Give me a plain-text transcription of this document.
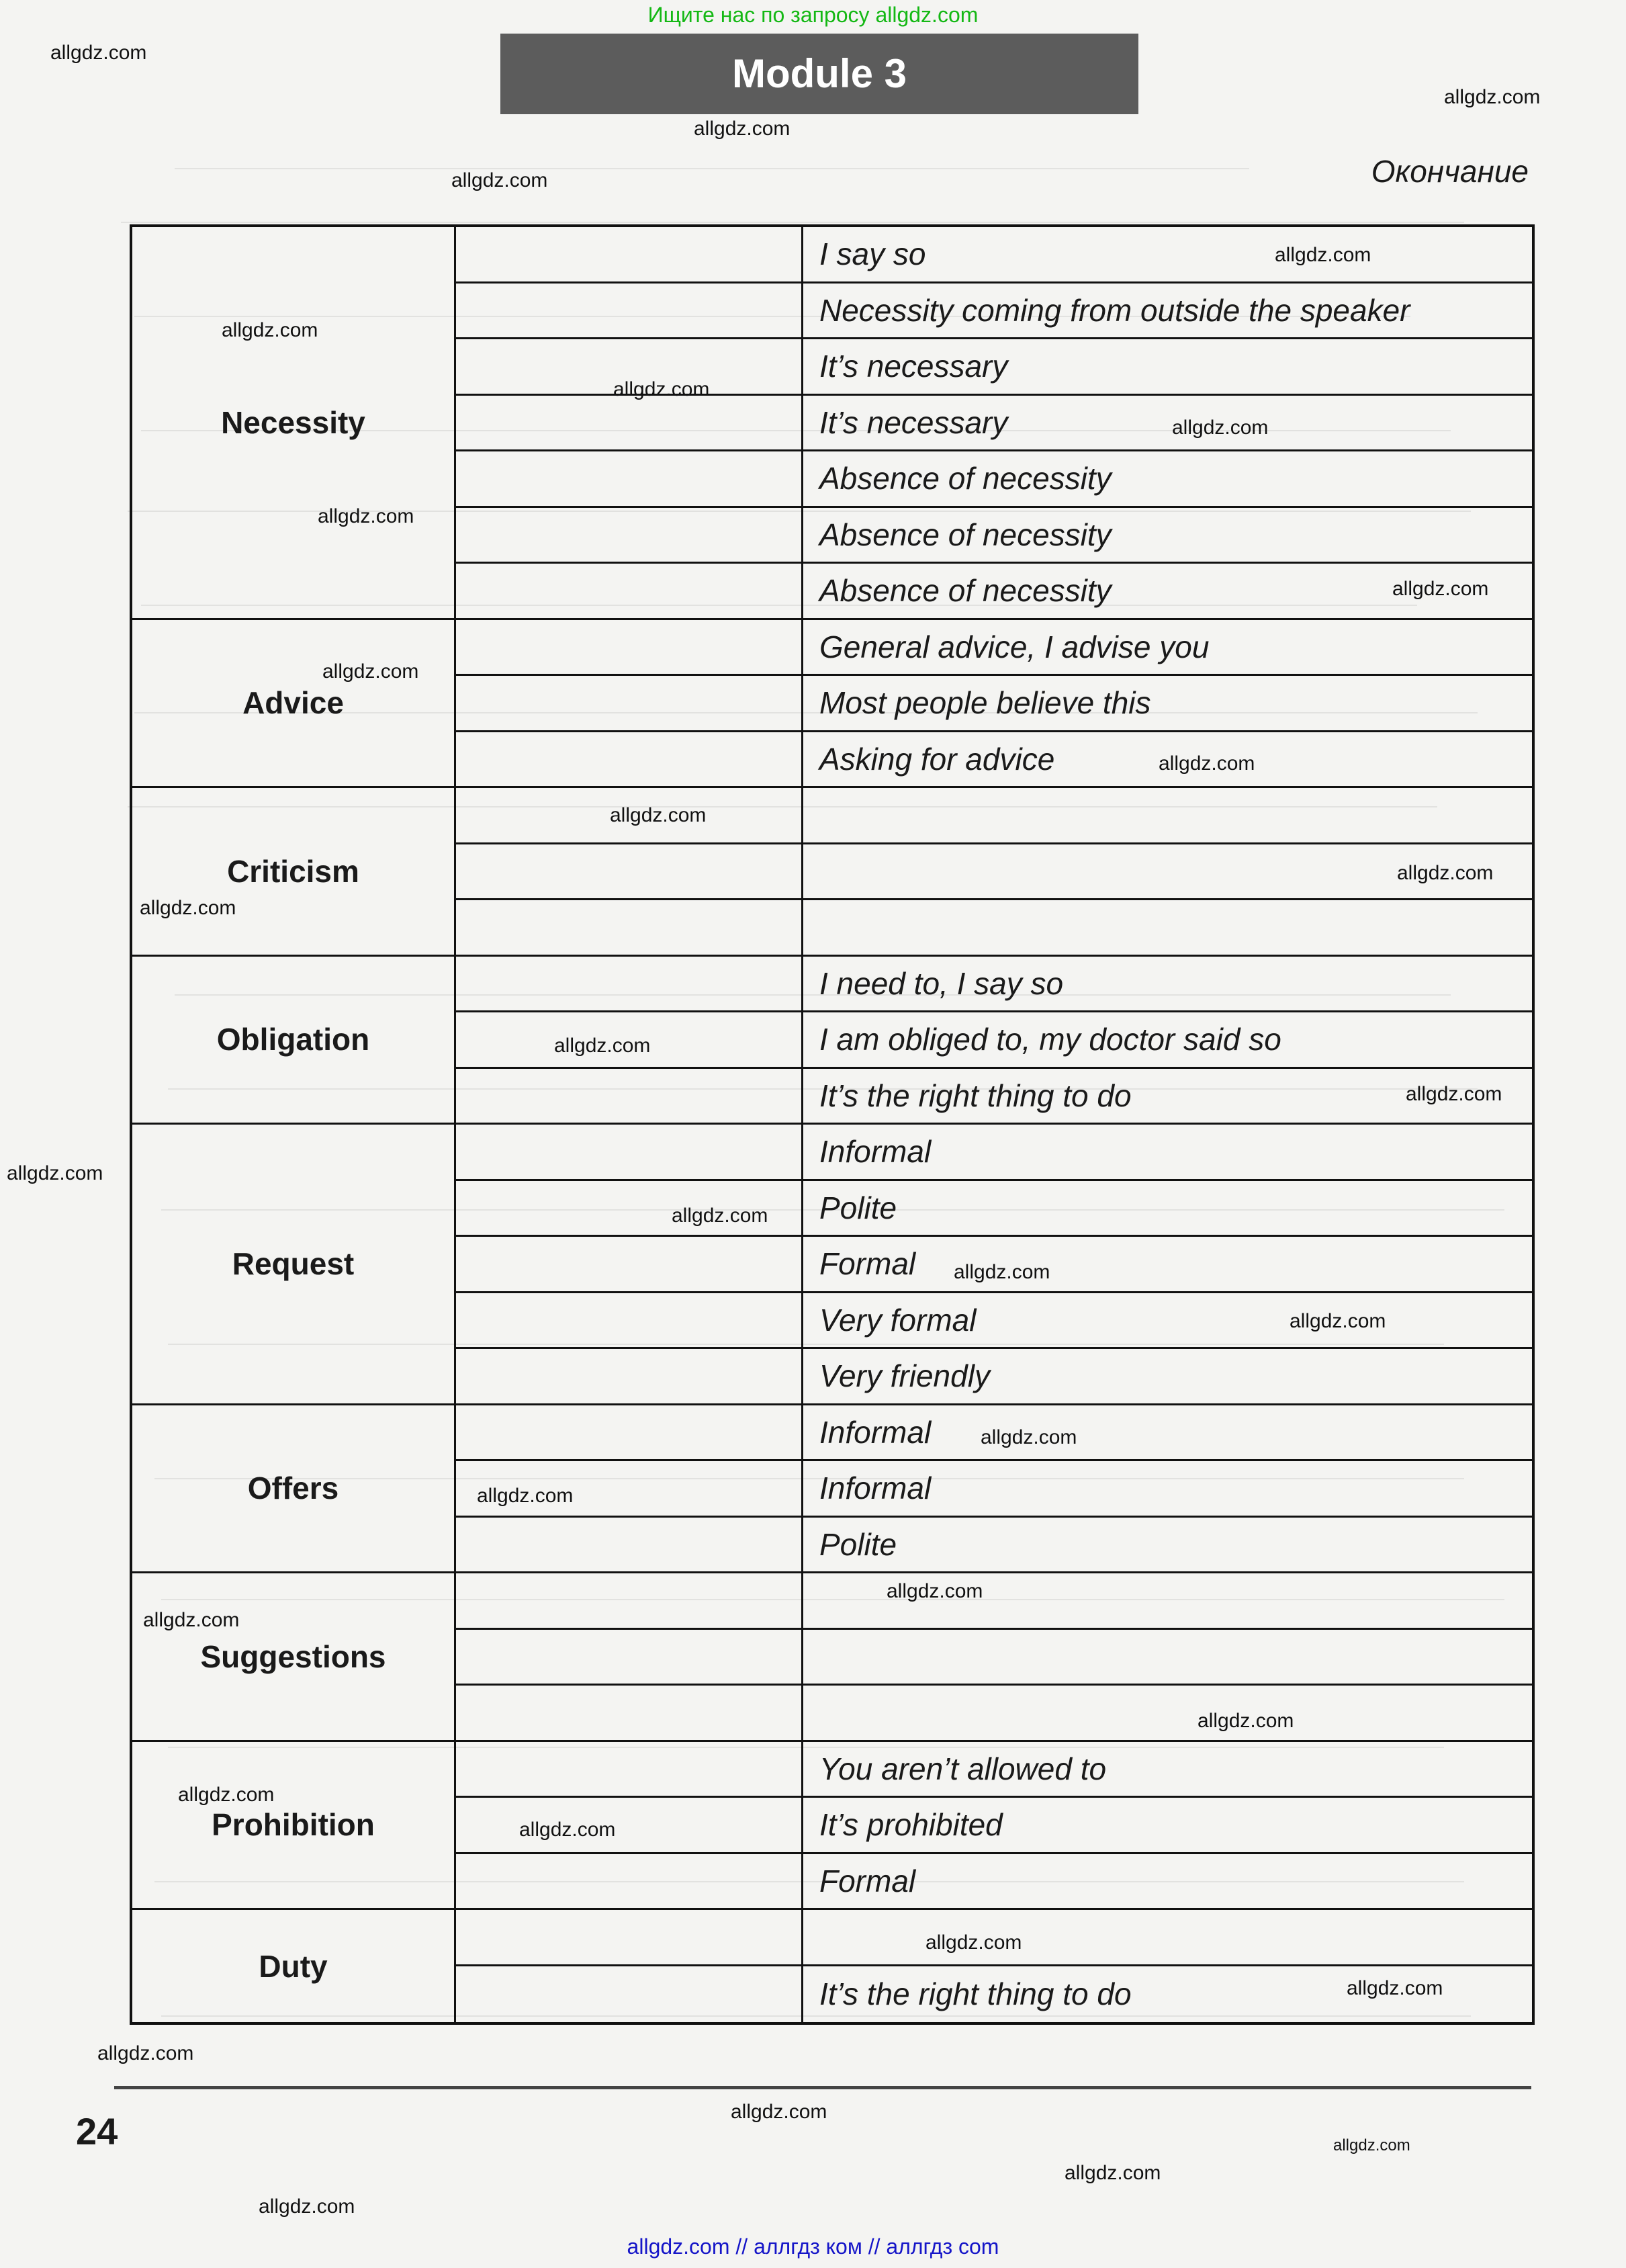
Ищите нас по запросу allgdz.com
Module 3
Окончание
Necessity
I say so
Necessity coming from outside the speaker
It’s necessary
It’s necessary
Absence of necessity
Absence of necessity
Absence of necessity
Advice
General advice, I advise you
Most people believe this
Asking for advice
Criticism
Obligation
I need to, I say so
I am obliged to, my doctor said so
It’s the right thing to do
Request
Informal
Polite
Formal
Very formal
Very friendly
Offers
Informal
Informal
Polite
Suggestions
Prohibition
You aren’t allowed to
It’s prohibited
Formal
Duty
It’s the right thing to do
24
allgdz.com
allgdz.com
allgdz.com
allgdz.com
allgdz.com
allgdz.com
allgdz.com
allgdz.com
allgdz.com
allgdz.com
allgdz.com
allgdz.com
allgdz.com
allgdz.com
allgdz.com
allgdz.com
allgdz.com
allgdz.com
allgdz.com
allgdz.com
allgdz.com
allgdz.com
allgdz.com
allgdz.com
allgdz.com
allgdz.com
allgdz.com
allgdz.com
allgdz.com
allgdz.com
allgdz.com
allgdz.com
allgdz.com
allgdz.com
allgdz.com
allgdz.com // аллгдз ком // аллгдз com
